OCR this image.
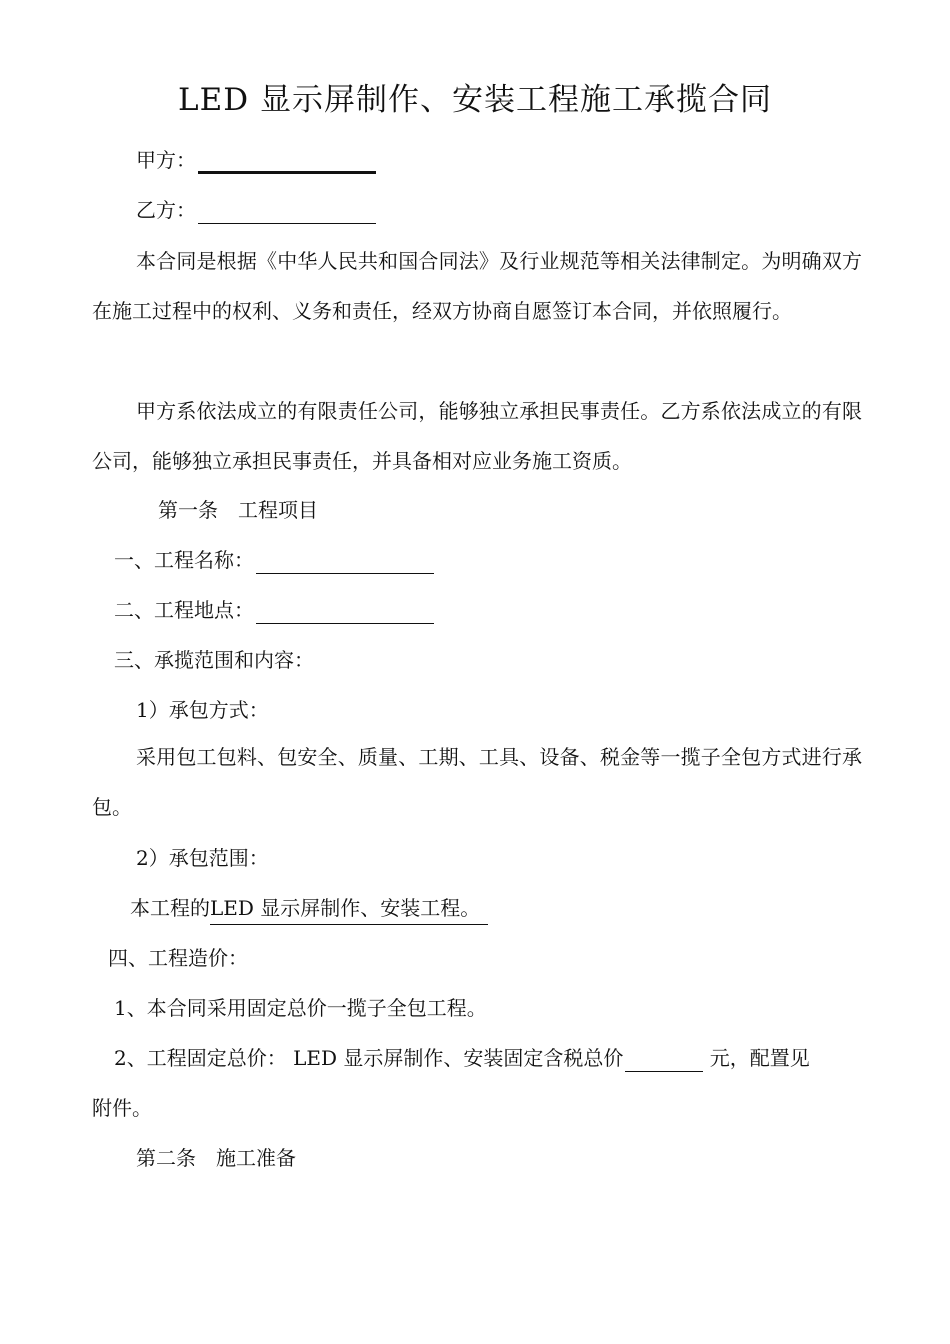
LED 显示屏制作、安装工程施工承揽合同
甲方：
乙方：
本合同是根据《中华人民共和国合同法》及行业规范等相关法律制定。为明确双方在施工过程中的权利、义务和责任，经双方协商自愿签订本合同，并依照履行。
甲方系依法成立的有限责任公司，能够独立承担民事责任。乙方系依法成立的有限公司，能够独立承担民事责任，并具备相对应业务施工资质。
第一条　工程项目
一、工程名称：
二、工程地点：
三、承揽范围和内容：
1）承包方式：
采用包工包料、包安全、质量、工期、工具、设备、税金等一揽子全包方式进行承包。
2）承包范围：
本工程的LED 显示屏制作、安装工程。
四、工程造价：
1、本合同采用固定总价一揽子全包工程。
2、工程固定总价： LED 显示屏制作、安装固定含税总价	元，配置见
附件。
第二条　施工准备
